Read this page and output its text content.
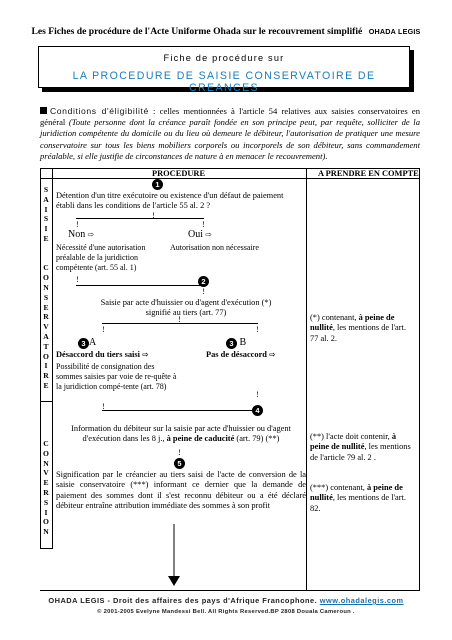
Les Fiches de procédure de l'Acte Uniforme Ohada sur le recouvrement simplifié OHADA LEGIS
Fiche de procédure sur
LA PROCEDURE DE SAISIE CONSERVATOIRE DE CREANCES
Conditions d'éligibilité : celles mentionnées à l'article 54 relatives aux saisies conservatoires en général (Toute personne dont la créance paraît fondée en son principe peut, par requête, solliciter de la juridiction compétente du domicile ou du lieu où demeure le débiteur, l'autorisation de pratiquer une mesure conservatoire sur tous les biens mobiliers corporels ou incorporels de son débiteur, sans commandement préalable, si elle justifie de circonstances de nature à en menacer le recouvrement).
PROCEDURE	A PRENDRE EN COMPTE
S
A
I
S
I
E

C
O
N
S
E
R
V
A
T
O
I
R
E
C
O
N
V
E
R
S
I
O
N
1
Détention d'un titre exécutoire ou existence d'un défaut de paiement établi dans les conditions de l'article 55 al. 2 ?
!
!	!
Non ⇨	Oui ⇨
Nécessité d'une autorisation préalable de la juridiction compétente (art. 55 al. 1)
Autorisation non nécessaire
!	2
!
Saisie par acte d'huissier ou d'agent d'exécution (*) signifié au tiers (art. 77)
!
!	!
3 A	3 B
Désaccord du tiers saisi ⇨	Pas de désaccord ⇨
Possibilité de consignation des sommes saisies par voie de re-quête à la juridiction compé-tente (art. 78)
!	4
!
Information du débiteur sur la saisie par acte d'huissier ou d'agent d'exécution dans les 8 j., à peine de caducité (art. 79) (**)
!
5
Signification par le créancier au tiers saisi de l'acte de conversion de la saisie conservatoire (***) informant ce dernier que la demande de paiement des sommes dont il s'est reconnu débiteur ou a été déclaré débiteur entraîne attribution immédiate des sommes à son profit
(*) contenant, à peine de nullité, les mentions de l'art. 77 al. 2.
(**) l'acte doit contenir, à peine de nullité, les mentions de l'article 79 al. 2 .
(***) contenant, à peine de nullité, les mentions de l'art. 82.
OHADA LEGIS - Droit des affaires des pays d'Afrique Francophone. www.ohadalegis.com
© 2001-2005 Evelyne Mandessi Bell. All Rights Reserved.BP 2808 Douala Cameroun .
